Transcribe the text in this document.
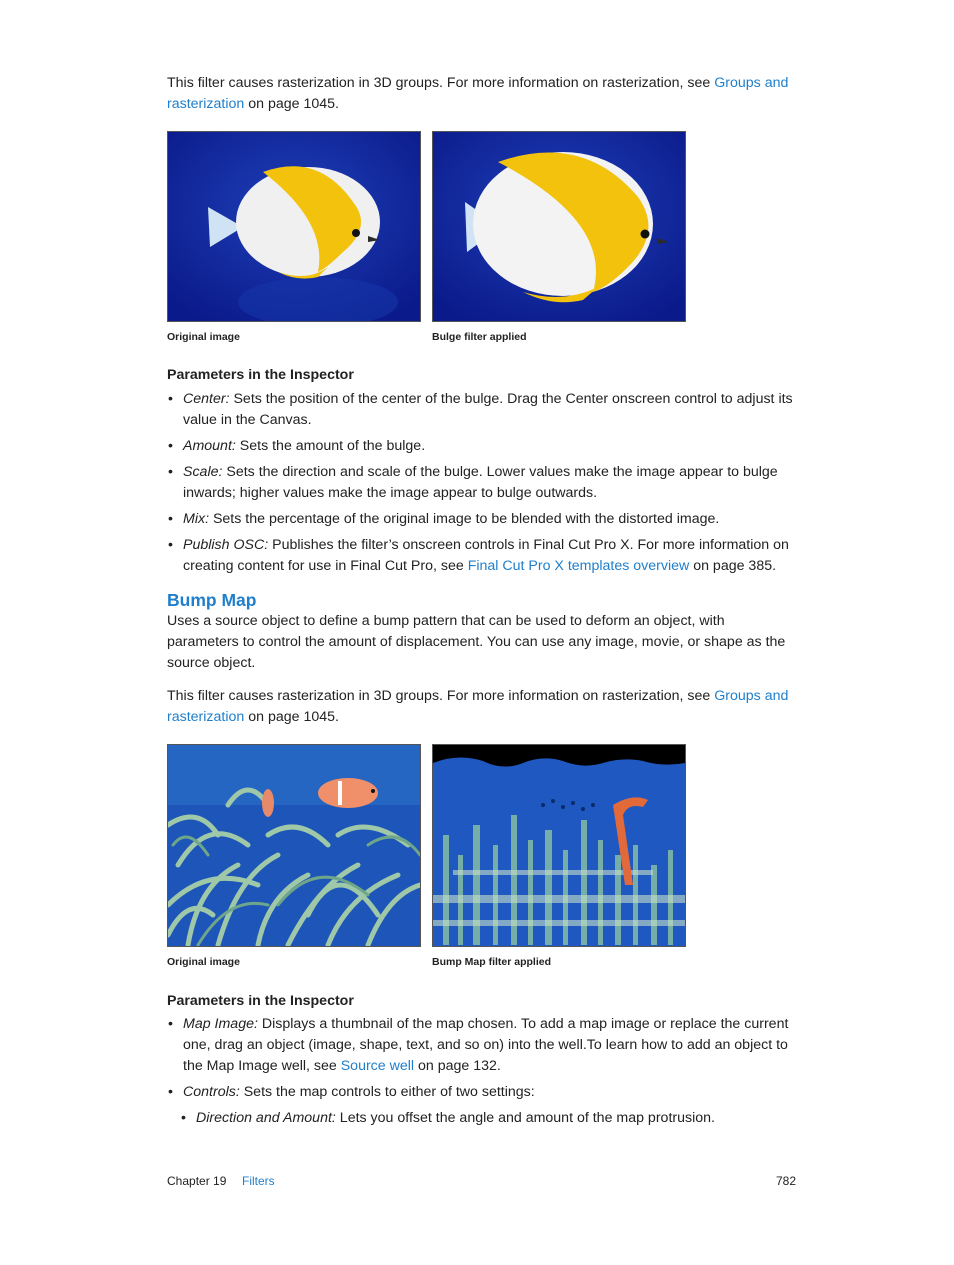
This filter causes rasterization in 3D groups. For more information on rasterization, see Groups and rasterization on page 1045.

Original image	Bulge filter applied
Parameters in the Inspector
• Center: Sets the position of the center of the bulge. Drag the Center onscreen control to adjust its value in the Canvas.
• Amount: Sets the amount of the bulge.
• Scale: Sets the direction and scale of the bulge. Lower values make the image appear to bulge inwards; higher values make the image appear to bulge outwards.
• Mix: Sets the percentage of the original image to be blended with the distorted image.
• Publish OSC: Publishes the filter’s onscreen controls in Final Cut Pro X. For more information on creating content for use in Final Cut Pro, see Final Cut Pro X templates overview on page 385.
Bump Map

Uses a source object to define a bump pattern that can be used to deform an object, with parameters to control the amount of displacement. You can use any image, movie, or shape as the source object.

This filter causes rasterization in 3D groups. For more information on rasterization, see Groups and rasterization on page 1045.

Original image	Bump Map filter applied
Parameters in the Inspector
• Map Image: Displays a thumbnail of the map chosen. To add a map image or replace the current one, drag an object (image, shape, text, and so on) into the well.To learn how to add an object to the Map Image well, see Source well on page 132.
• Controls: Sets the map controls to either of two settings:
• Direction and Amount: Lets you offset the angle and amount of the map protrusion.
Chapter 19 Filters	782
